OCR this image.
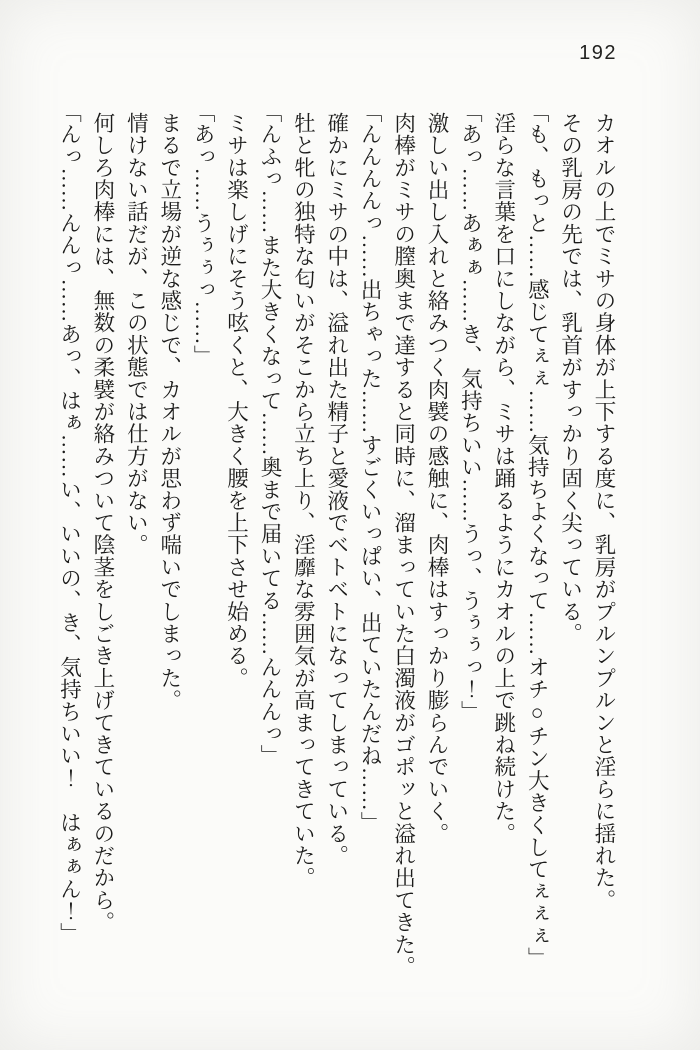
192

カオルの上でミサの身体が上下する度に、乳房がプルンプルンと淫らに揺れた。

その乳房の先では、乳首がすっかり固く尖っている。

「も、もっと……感じてぇぇ……気持ちよくなって……オチ○チン大きくしてぇぇぇ」

淫らな言葉を口にしながら、ミサは踊るようにカオルの上で跳ね続けた。

「あっ……あぁぁ……き、気持ちいい……うっ、うぅぅっ！」

激しい出し入れと絡みつく肉襞の感触に、肉棒はすっかり膨らんでいく。

肉棒がミサの膣奥まで達すると同時に、溜まっていた白濁液がゴポッと溢れ出てきた。

「んんんんっ……出ちゃった……すごくいっぱい、出ていたんだね……」

確かにミサの中は、溢れ出た精子と愛液でベトベトになってしまっている。

牡と牝の独特な匂いがそこから立ち上り、淫靡な雰囲気が高まってきていた。

「んふっ……また大きくなって……奥まで届いてる……んんんっ」

ミサは楽しげにそう呟くと、大きく腰を上下させ始める。

「あっ……うぅぅっ……」

まるで立場が逆な感じで、カオルが思わず喘いでしまった。

情けない話だが、この状態では仕方がない。

何しろ肉棒には、無数の柔襞が絡みついて陰茎をしごき上げてきているのだから。

「んっ……んんっ……あっ、はぁ……い、いいの、き、気持ちいい！　はぁぁん！」
